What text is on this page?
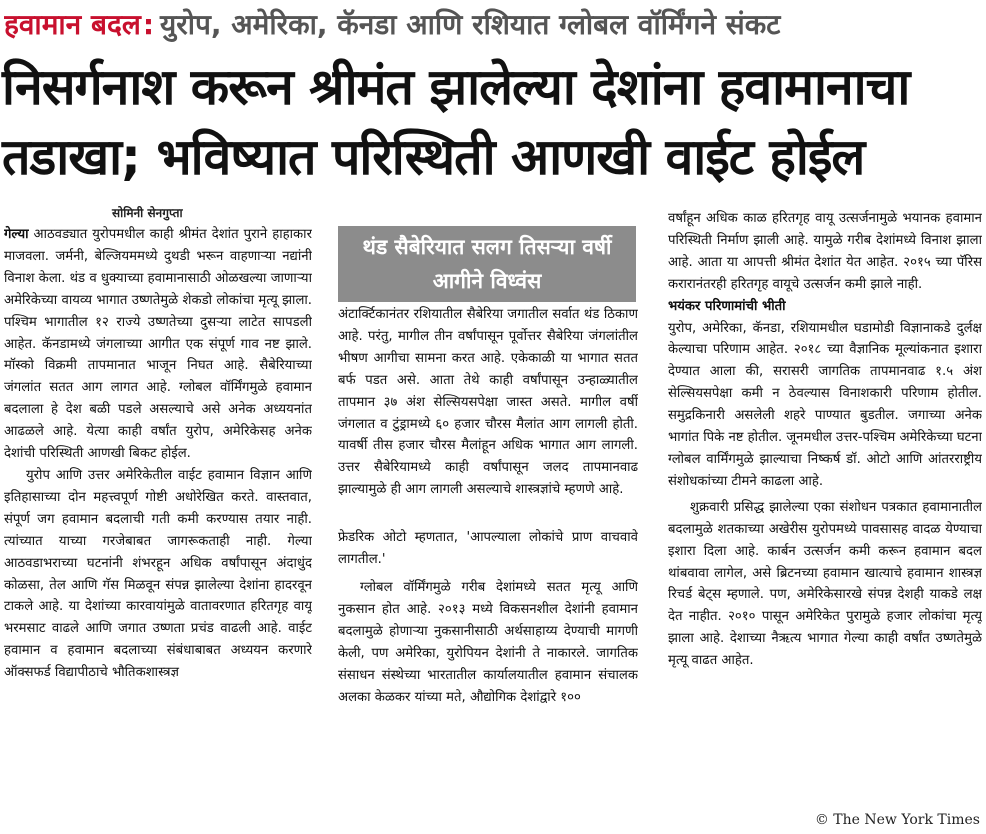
हवामान बदल: युरोप, अमेरिका, कॅनडा आणि रशियात ग्लोबल वॉर्मिंगने संकट
निसर्गनाश करून श्रीमंत झालेल्या देशांना हवामानाचा
तडाखा; भविष्यात परिस्थिती आणखी वाईट होईल
सोमिनी सेनगुप्ता

गेल्या आठवड्यात युरोपमधील काही श्रीमंत देशांत पुराने हाहाकार माजवला. जर्मनी, बेल्जियममध्ये दुथडी भरून वाहणाऱ्या नद्यांनी विनाश केला. थंड व धुक्याच्या हवामानासाठी ओळखल्या जाणाऱ्या अमेरिकेच्या वायव्य भागात उष्णतेमुळे शेकडो लोकांचा मृत्यू झाला. पश्चिम भागातील १२ राज्ये उष्णतेच्या दुसऱ्या लाटेत सापडली आहेत. कॅनडामध्ये जंगलाच्या आगीत एक संपूर्ण गाव नष्ट झाले. मॉस्को विक्रमी तापमानात भाजून निघत आहे. सैबेरियाच्या जंगलांत सतत आग लागत आहे. ग्लोबल वॉर्मिंगमुळे हवामान बदलाला हे देश बळी पडले असल्याचे असे अनेक अध्ययनांत आढळले आहे. येत्या काही वर्षांत युरोप, अमेरिकेसह अनेक देशांची परिस्थिती आणखी बिकट होईल.

युरोप आणि उत्तर अमेरिकेतील वाईट हवामान विज्ञान आणि इतिहासाच्या दोन महत्त्वपूर्ण गोष्टी अधोरेखित करते. वास्तवात, संपूर्ण जग हवामान बदलाची गती कमी करण्यास तयार नाही. त्यांच्यात याच्या गरजेबाबत जागरूकताही नाही. गेल्या आठवडाभराच्या घटनांनी शंभरहून अधिक वर्षांपासून अंदाधुंद कोळसा, तेल आणि गॅस मिळवून संपन्न झालेल्या देशांना हादरवून टाकले आहे. या देशांच्या कारवायांमुळे वातावरणात हरितगृह वायू भरमसाट वाढले आणि जगात उष्णता प्रचंड वाढली आहे. वाईट हवामान व हवामान बदलाच्या संबंधाबाबत अध्ययन करणारे ऑक्सफर्ड विद्यापीठाचे भौतिकशास्त्रज्ञ

थंड सैबेरियात सलग तिसऱ्या वर्षी आगीने विध्वंस

अंटार्क्टिकानंतर रशियातील सैबेरिया जगातील सर्वात थंड ठिकाण आहे. परंतु, मागील तीन वर्षांपासून पूर्वोत्तर सैबेरिया जंगलांतील भीषण आगीचा सामना करत आहे. एकेकाळी या भागात सतत बर्फ पडत असे. आता तेथे काही वर्षांपासून उन्हाळ्यातील तापमान ३७ अंश सेल्सियसपेक्षा जास्त असते. मागील वर्षी जंगलात व टुंड्रामध्ये ६० हजार चौरस मैलांत आग लागली होती. यावर्षी तीस हजार चौरस मैलांहून अधिक भागात आग लागली. उत्तर सैबेरियामध्ये काही वर्षांपासून जलद तापमानवाढ झाल्यामुळे ही आग लागली असल्याचे शास्त्रज्ञांचे म्हणणे आहे.

फ्रेडरिक ओटो म्हणतात, 'आपल्याला लोकांचे प्राण वाचवावे लागतील.'

ग्लोबल वॉर्मिंगमुळे गरीब देशांमध्ये सतत मृत्यू आणि नुकसान होत आहे. २०१३ मध्ये विकसनशील देशांनी हवामान बदलामुळे होणाऱ्या नुकसानीसाठी अर्थसाहाय्य देण्याची मागणी केली, पण अमेरिका, युरोपियन देशांनी ते नाकारले. जागतिक संसाधन संस्थेच्या भारतातील कार्यालयातील हवामान संचालक अलका केळकर यांच्या मते, औद्योगिक देशांद्वारे १००

वर्षांहून अधिक काळ हरितगृह वायू उत्सर्जनामुळे भयानक हवामान परिस्थिती निर्माण झाली आहे. यामुळे गरीब देशांमध्ये विनाश झाला आहे. आता या आपत्ती श्रीमंत देशांत येत आहेत. २०१५ च्या पॅरिस करारानंतरही हरितगृह वायूचे उत्सर्जन कमी झाले नाही.

भयंकर परिणामांची भीती

युरोप, अमेरिका, कॅनडा, रशियामधील घडामोडी विज्ञानाकडे दुर्लक्ष केल्याचा परिणाम आहेत. २०१८ च्या वैज्ञानिक मूल्यांकनात इशारा देण्यात आला की, सरासरी जागतिक तापमानवाढ १.५ अंश सेल्सियसपेक्षा कमी न ठेवल्यास विनाशकारी परिणाम होतील. समुद्रकिनारी असलेली शहरे पाण्यात बुडतील. जगाच्या अनेक भागांत पिके नष्ट होतील. जूनमधील उत्तर-पश्चिम अमेरिकेच्या घटना ग्लोबल वार्मिंगमुळे झाल्याचा निष्कर्ष डॉ. ओटो आणि आंतरराष्ट्रीय संशोधकांच्या टीमने काढला आहे.

शुक्रवारी प्रसिद्ध झालेल्या एका संशोधन पत्रकात हवामानातील बदलामुळे शतकाच्या अखेरीस युरोपमध्ये पावसासह वादळ येण्याचा इशारा दिला आहे. कार्बन उत्सर्जन कमी करून हवामान बदल थांबवावा लागेल, असे ब्रिटनच्या हवामान खात्याचे हवामान शास्त्रज्ञ रिचर्ड बेट्स म्हणाले. पण, अमेरिकेसारखे संपन्न देशही याकडे लक्ष देत नाहीत. २०१० पासून अमेरिकेत पुरामुळे हजार लोकांचा मृत्यू झाला आहे. देशाच्या नैऋत्य भागात गेल्या काही वर्षांत उष्णतेमुळे मृत्यू वाढत आहेत.

© The New York Times
